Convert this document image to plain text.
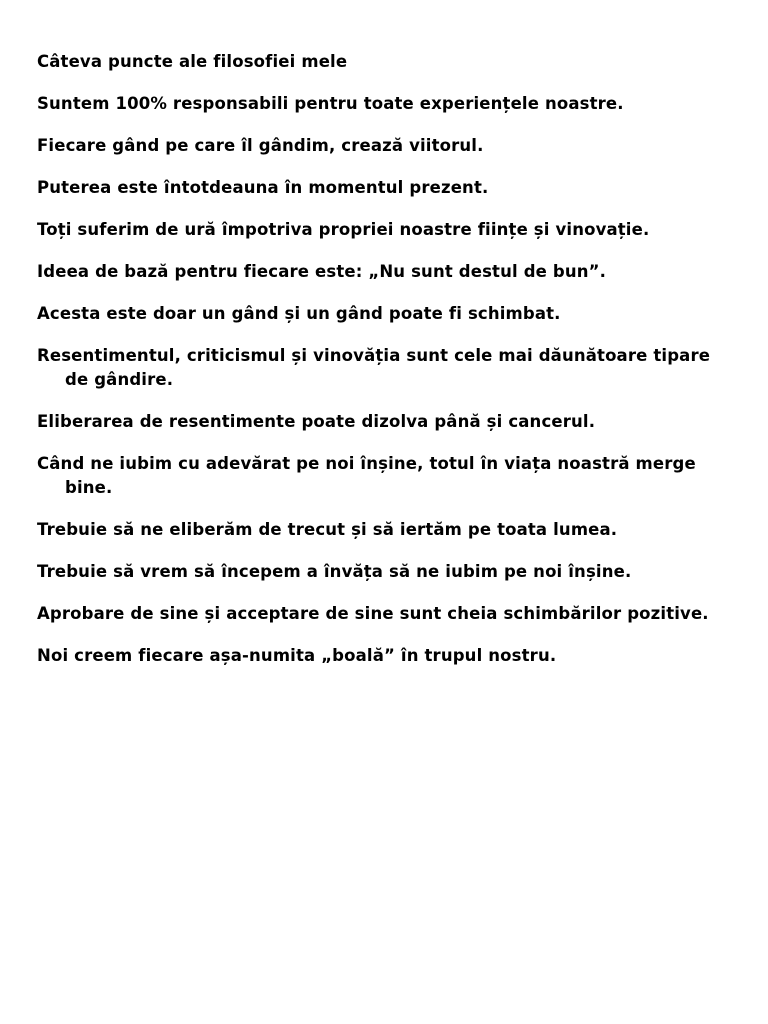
Câteva puncte ale filosofiei mele

Suntem 100% responsabili pentru toate experiențele noastre.

Fiecare gând pe care îl gândim, crează viitorul.

Puterea este întotdeauna în momentul prezent.

Toți suferim de ură împotriva propriei noastre ființe și vinovație.

Ideea de bază pentru fiecare este: „Nu sunt destul de bun”.

Acesta este doar un gând și un gând poate fi schimbat.

Resentimentul, criticismul și vinovăția sunt cele mai dăunătoare tipare de gândire.

Eliberarea de resentimente poate dizolva până și cancerul.

Când ne iubim cu adevărat pe noi înșine, totul în viața noastră merge bine.

Trebuie să ne eliberăm de trecut și să iertăm pe toata lumea.

Trebuie să vrem să începem a învăța să ne iubim pe noi înșine.

Aprobare de sine și acceptare de sine sunt cheia schimbărilor pozitive.

Noi creem fiecare așa-numita „boală” în trupul nostru.
